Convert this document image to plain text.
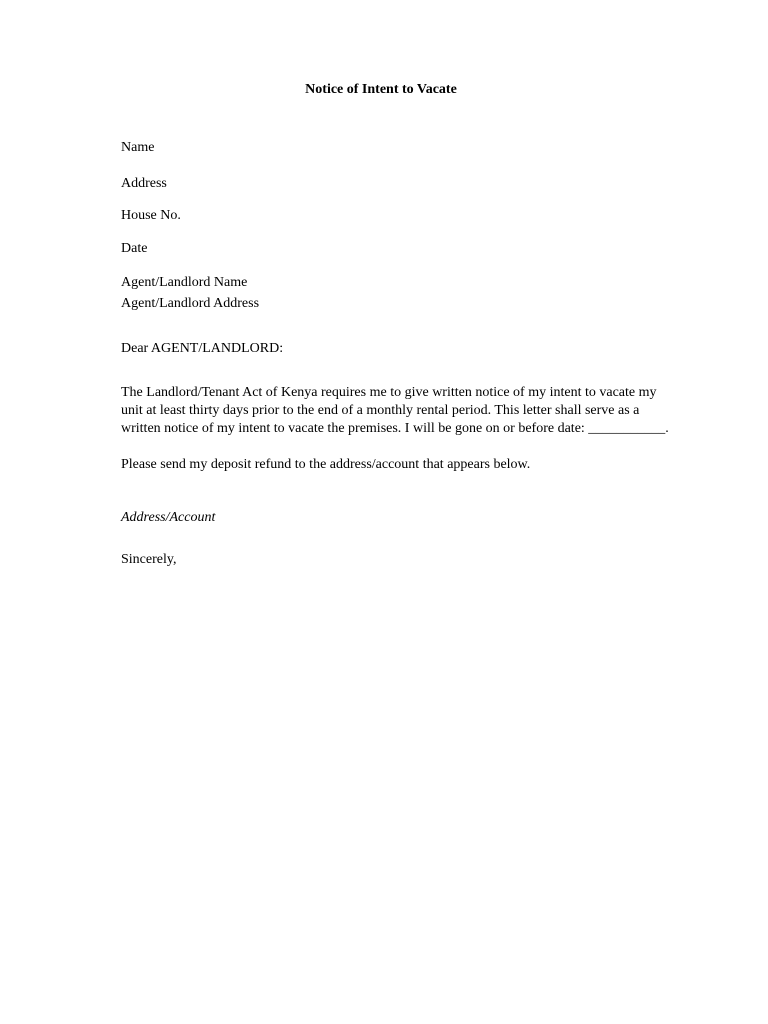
Notice of Intent to Vacate
Name
Address
House No.
Date
Agent/Landlord Name
Agent/Landlord Address
Dear AGENT/LANDLORD:
The Landlord/Tenant Act of Kenya requires me to give written notice of my intent to vacate my
unit at least thirty days prior to the end of a monthly rental period. This letter shall serve as a
written notice of my intent to vacate the premises. I will be gone on or before date: ___________.
Please send my deposit refund to the address/account that appears below.
Address/Account
Sincerely,
